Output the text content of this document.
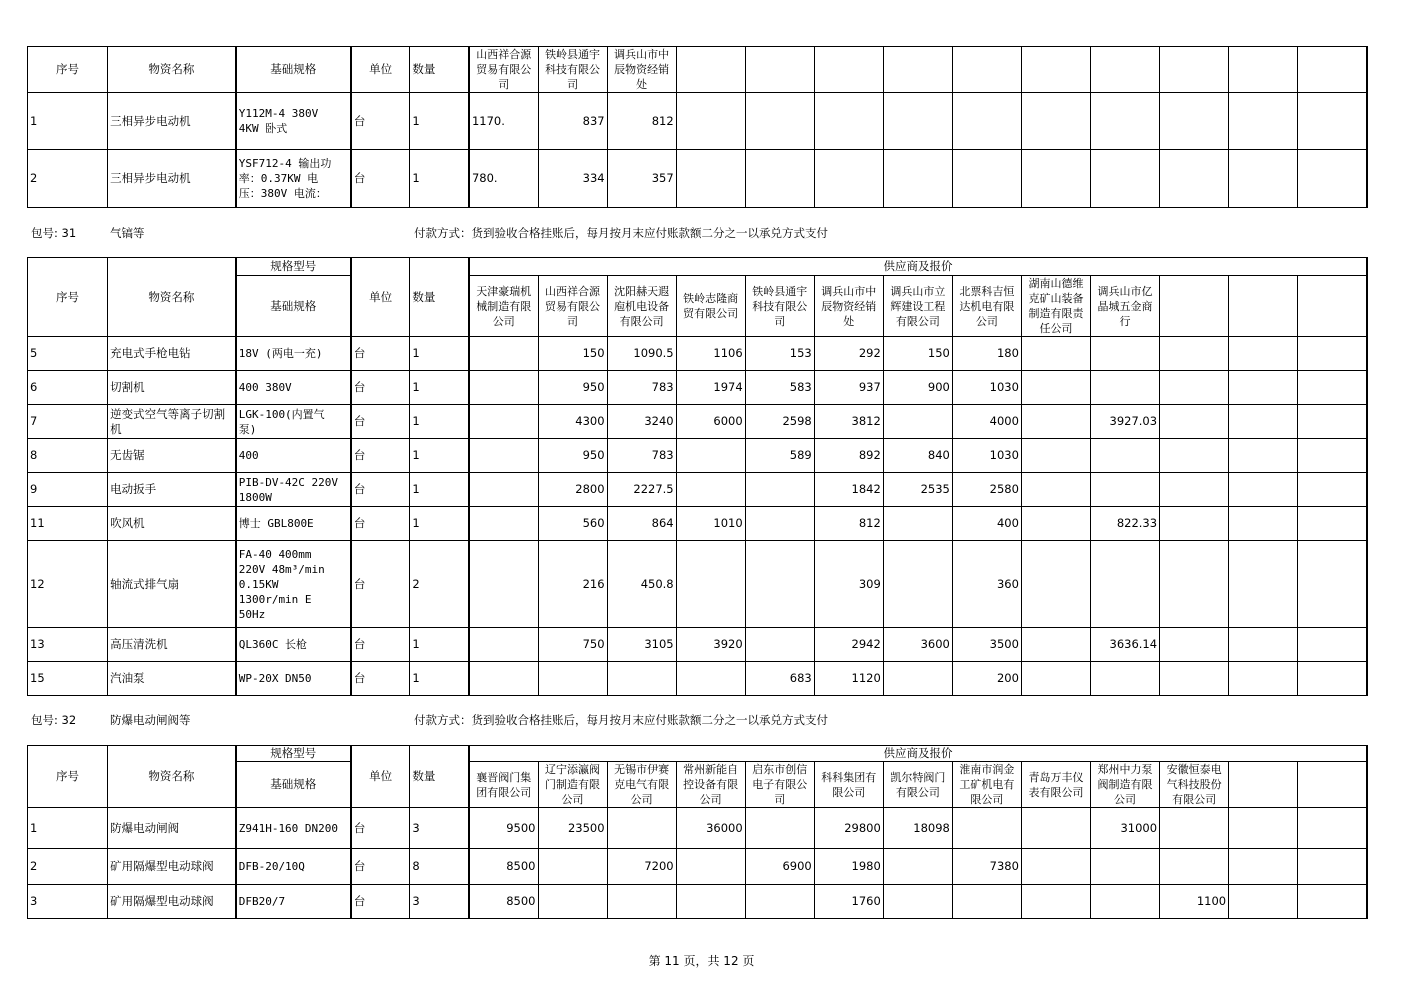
序号	物资名称	基础规格	单位	数量	山西祥合源贸易有限公司	铁岭县通宇科技有限公司	调兵山市中辰物资经销处										
1	三相异步电动机	Y112M-4 380V
4KW 卧式	台	1	1170.	837	812										
2	三相异步电动机	YSF712-4 输出功
率：0.37KW 电
压：380V 电流：	台	1	780.	334	357										
包号: 31	气镐等	付款方式：货到验收合格挂账后，每月按月末应付账款额二分之一以承兑方式支付
序号	物资名称	规格型号	单位	数量	供应商及报价												
		基础规格			天津豪瑞机械制造有限公司	山西祥合源贸易有限公司	沈阳赫天遐庖机电设备有限公司	铁岭志隆商贸有限公司	铁岭县通宇科技有限公司	调兵山市中辰物资经销处	调兵山市立辉建设工程有限公司	北票科吉恒达机电有限公司	湖南山德维克矿山装备制造有限责任公司	调兵山市亿晶城五金商行			
5	充电式手枪电钻	18V (两电一充)	台	1		150	1090.5	1106	153	292	150	180					
6	切割机	400 380V	台	1		950	783	1974	583	937	900	1030					
7	逆变式空气等离子切割机	LGK-100(内置气
泵)	台	1		4300	3240	6000	2598	3812		4000		3927.03			
8	无齿锯	400	台	1		950	783		589	892	840	1030					
9	电动扳手	PIB-DV-42C 220V
1800W	台	1		2800	2227.5			1842	2535	2580					
11	吹风机	博士 GBL800E	台	1		560	864	1010		812		400		822.33			
12	轴流式排气扇	FA-40 400mm
220V 48m³/min
0.15KW
1300r/min E
50Hz	台	2		216	450.8			309		360					
13	高压清洗机	QL360C 长枪	台	1		750	3105	3920		2942	3600	3500		3636.14			
15	汽油泵	WP-20X DN50	台	1					683	1120		200					
包号: 32	防爆电动闸阀等	付款方式：货到验收合格挂账后，每月按月末应付账款额二分之一以承兑方式支付
序号	物资名称	规格型号	单位	数量	供应商及报价												
		基础规格			襄晋阀门集团有限公司	辽宁添瀛阀门制造有限公司	无锡市伊赛克电气有限公司	常州新能自控设备有限公司	启东市创信电子有限公司	科科集团有限公司	凯尔特阀门有限公司	淮南市润金工矿机电有限公司	青岛万丰仪表有限公司	郑州中力泵阀制造有限公司	安徽恒泰电气科技股份有限公司		
1	防爆电动闸阀	Z941H-160 DN200	台	3	9500	23500		36000		29800	18098			31000			
2	矿用隔爆型电动球阀	DFB-20/10Q	台	8	8500		7200		6900	1980		7380					
3	矿用隔爆型电动球阀	DFB20/7	台	3	8500					1760					1100		
第 11 页，共 12 页
